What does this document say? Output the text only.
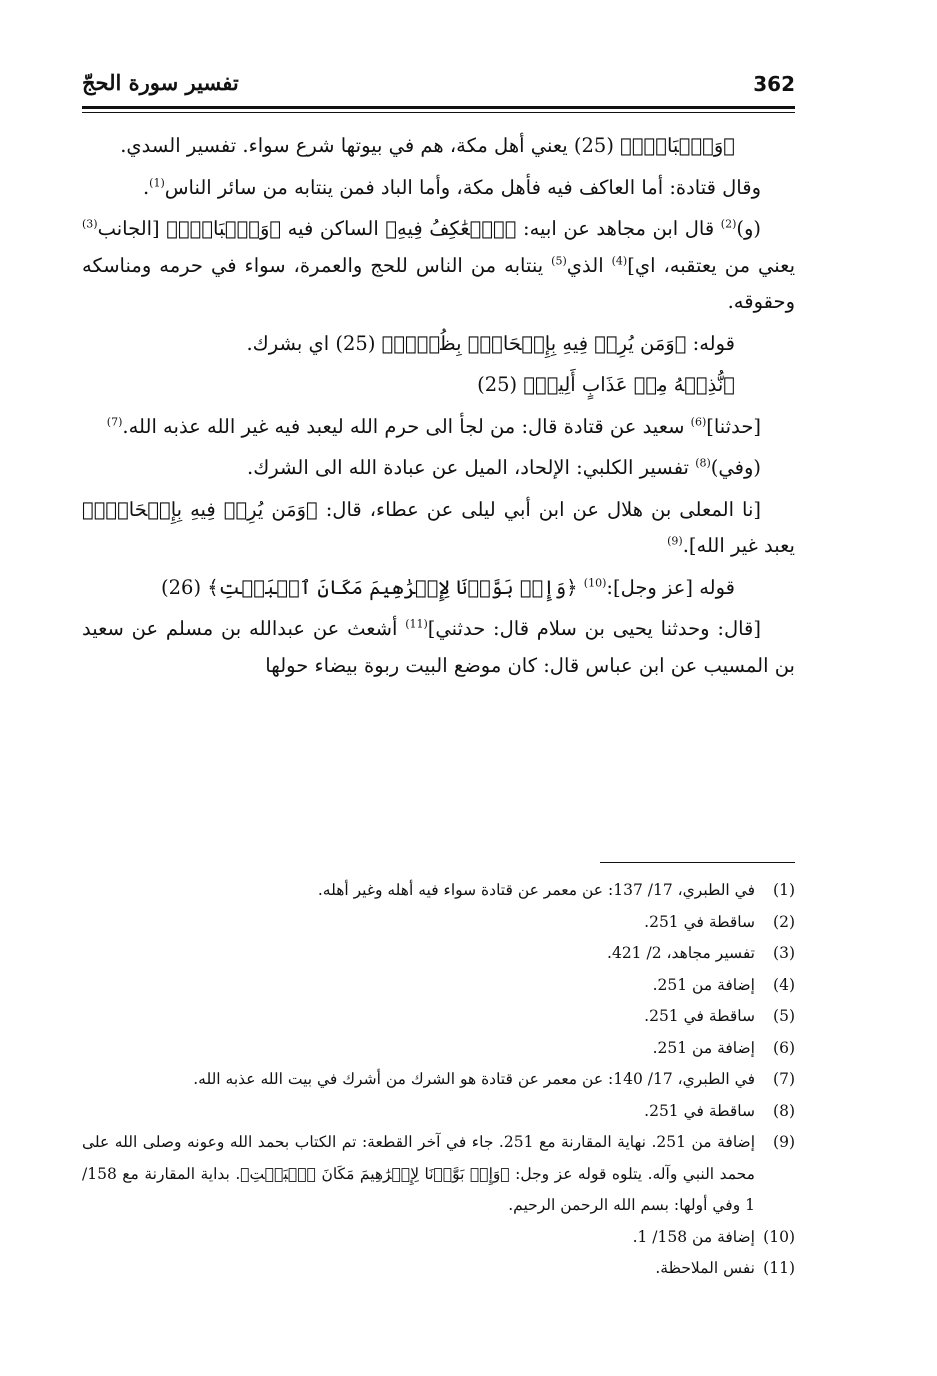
362
تفسير سورة الحجّ

﴿وَٱلۡبَادِۚ﴾ (25) يعني أهل مكة، هم في بيوتها شرع سواء. تفسير السدي.

وقال قتادة: أما العاكف فيه فأهل مكة، وأما الباد فمن ينتابه من سائر الناس$^{(1)}$.

(و)$^{(2)}$ قال ابن مجاهد عن ابيه: ﴿ٱلۡعَٰكِفُ فِيهِ﴾ الساكن فيه ﴿وَٱلۡبَادِۚ﴾ [الجانب$^{(3)}$ يعني من يعتقبه، اي]$^{(4)}$ الذي$^{(5)}$ ينتابه من الناس للحج والعمرة، سواء في حرمه ومناسكه وحقوقه.

قوله: ﴿وَمَن يُرِدۡ فِيهِ بِإِلۡحَادِۭ بِظُلۡمٖ﴾ (25) اي بشرك.

﴿نُّذِقۡهُ مِنۡ عَذَابٍ أَلِيمٖ﴾ (25)

[حدثنا]$^{(6)}$ سعيد عن قتادة قال: من لجأ الى حرم الله ليعبد فيه غير الله عذبه الله.$^{(7)}$

(وفي)$^{(8)}$ تفسير الكلبي: الإلحاد، الميل عن عبادة الله الى الشرك.

[نا المعلى بن هلال عن ابن أبي ليلى عن عطاء، قال: ﴿وَمَن يُرِدۡ فِيهِ بِإِلۡحَادِۭ﴾ يعبد غير الله].$^{(9)}$

قوله [عز وجل]:$^{(10)}$ ﴿وَإِذۡ بَوَّأۡنَا لِإِبۡرَٰهِيمَ مَكَانَ ٱلۡبَيۡتِ﴾ (26)

[قال: وحدثنا يحيى بن سلام قال: حدثني]$^{(11)}$ أشعث عن عبدالله بن مسلم عن سعيد بن المسيب عن ابن عباس قال: كان موضع البيت ربوة بيضاء حولها

(1)
في الطبري، 17/ 137: عن معمر عن قتادة سواء فيه أهله وغير أهله.
(2)
ساقطة في 251.
(3)
تفسير مجاهد، 2/ 421.
(4)
إضافة من 251.
(5)
ساقطة في 251.
(6)
إضافة من 251.
(7)
في الطبري، 17/ 140: عن معمر عن قتادة هو الشرك من أشرك في بيت الله عذبه الله.
(8)
ساقطة في 251.
(9)
إضافة من 251. نهاية المقارنة مع 251. جاء في آخر القطعة: تم الكتاب بحمد الله وعونه وصلى الله على محمد النبي وآله. يتلوه قوله عز وجل: ﴿وَإِذۡ بَوَّأۡنَا لِإِبۡرَٰهِيمَ مَكَانَ ٱلۡبَيۡتِ﴾. بداية المقارنة مع 158/ 1 وفي أولها: بسم الله الرحمن الرحيم.
(10)
إضافة من 158/ 1.
(11)
نفس الملاحظة.
